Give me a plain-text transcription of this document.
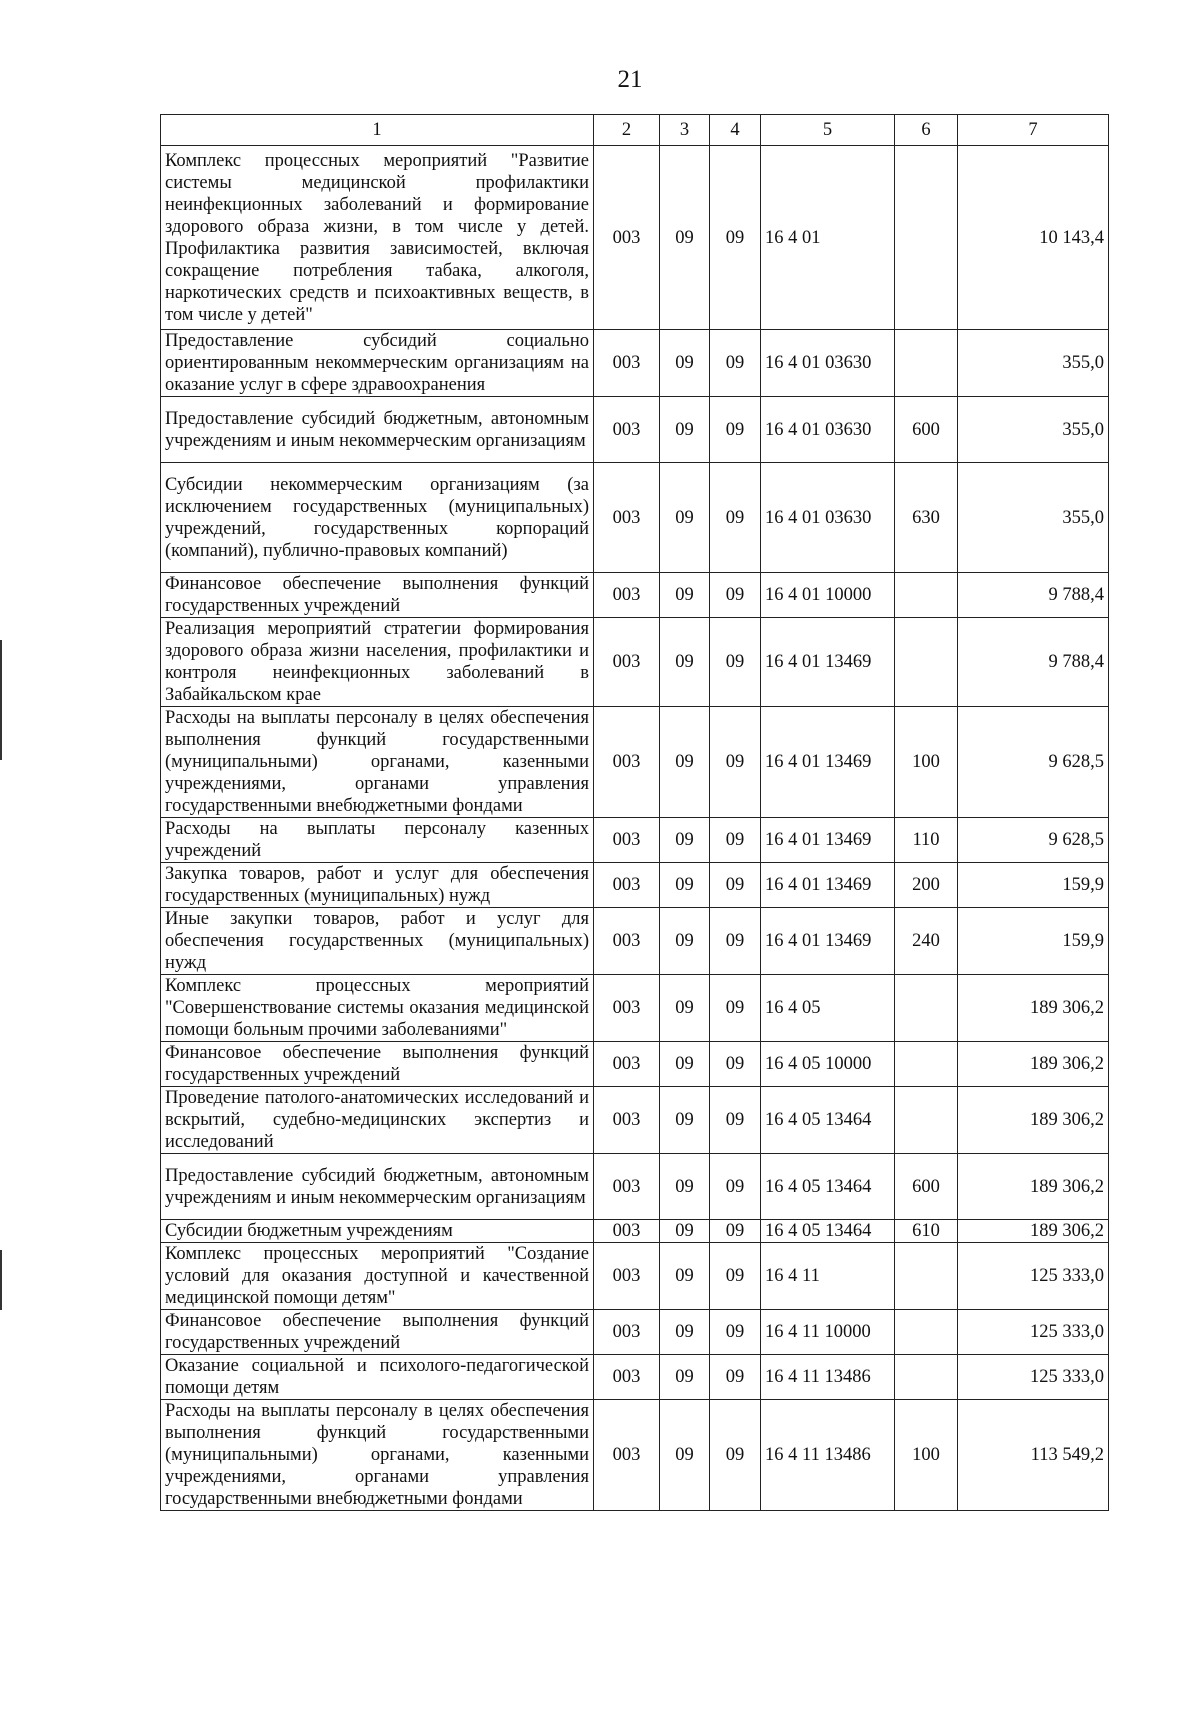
21
1	2	3	4	5	6	7
Комплекс процессных мероприятий "Развитие системы медицинской профилактики неинфекционных заболеваний и формирование здорового образа жизни, в том числе у детей. Профилактика развития зависимостей, включая сокращение потребления табака, алкоголя, наркотических средств и психоактивных веществ, в том числе у детей"	003	09	09	16 4 01		10 143,4
Предоставление субсидий социально ориентированным некоммерческим организациям на оказание услуг в сфере здравоохранения	003	09	09	16 4 01 03630		355,0
Предоставление субсидий бюджетным, автономным учреждениям и иным некоммерческим организациям	003	09	09	16 4 01 03630	600	355,0
Субсидии некоммерческим организациям (за исключением государственных (муниципальных) учреждений, государственных корпораций (компаний), публично-правовых компаний)	003	09	09	16 4 01 03630	630	355,0
Финансовое обеспечение выполнения функций государственных учреждений	003	09	09	16 4 01 10000		9 788,4
Реализация мероприятий стратегии формирования здорового образа жизни населения, профилактики и контроля неинфекционных заболеваний в Забайкальском крае	003	09	09	16 4 01 13469		9 788,4
Расходы на выплаты персоналу в целях обеспечения выполнения функций государственными (муниципальными) органами, казенными учреждениями, органами управления государственными внебюджетными фондами	003	09	09	16 4 01 13469	100	9 628,5
Расходы на выплаты персоналу казенных учреждений	003	09	09	16 4 01 13469	110	9 628,5
Закупка товаров, работ и услуг для обеспечения государственных (муниципальных) нужд	003	09	09	16 4 01 13469	200	159,9
Иные закупки товаров, работ и услуг для обеспечения государственных (муниципальных) нужд	003	09	09	16 4 01 13469	240	159,9
Комплекс процессных мероприятий "Совершенствование системы оказания медицинской помощи больным прочими заболеваниями"	003	09	09	16 4 05		189 306,2
Финансовое обеспечение выполнения функций государственных учреждений	003	09	09	16 4 05 10000		189 306,2
Проведение патолого-анатомических исследований и вскрытий, судебно-медицинских экспертиз и исследований	003	09	09	16 4 05 13464		189 306,2
Предоставление субсидий бюджетным, автономным учреждениям и иным некоммерческим организациям	003	09	09	16 4 05 13464	600	189 306,2
Субсидии бюджетным учреждениям	003	09	09	16 4 05 13464	610	189 306,2
Комплекс процессных мероприятий "Создание условий для оказания доступной и качественной медицинской помощи детям"	003	09	09	16 4 11		125 333,0
Финансовое обеспечение выполнения функций государственных учреждений	003	09	09	16 4 11 10000		125 333,0
Оказание социальной и психолого-педагогической помощи детям	003	09	09	16 4 11 13486		125 333,0
Расходы на выплаты персоналу в целях обеспечения выполнения функций государственными (муниципальными) органами, казенными учреждениями, органами управления государственными внебюджетными фондами	003	09	09	16 4 11 13486	100	113 549,2
